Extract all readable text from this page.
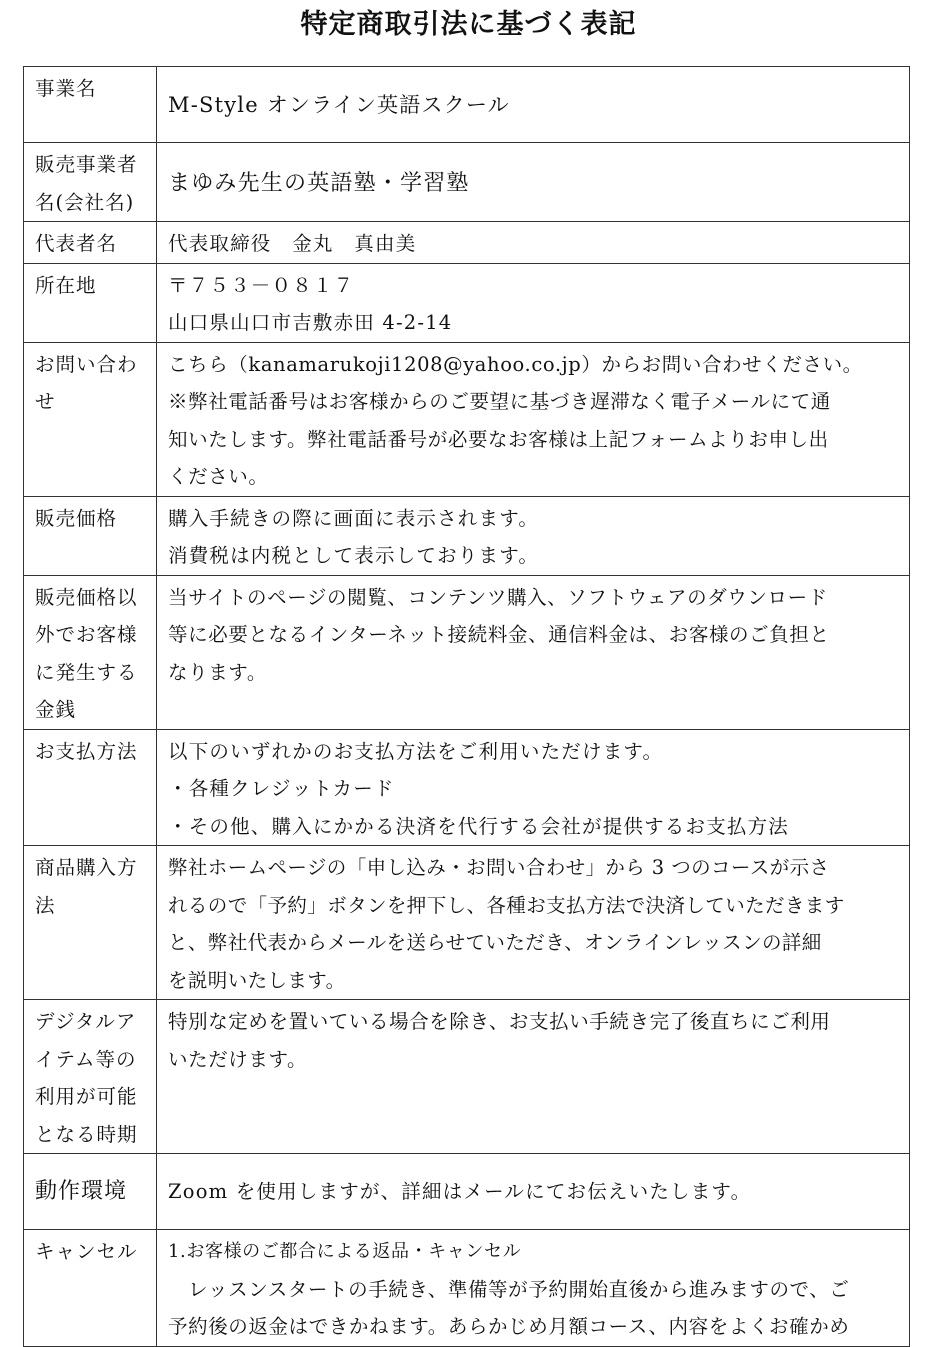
特定商取引法に基づく表記
事業名	M-Style オンライン英語スクール

販売事業者
名(会社名)	まゆみ先生の英語塾・学習塾

代表者名	代表取締役　金丸　真由美

所在地	〒７５３－０８１７
山口県山口市吉敷赤田 4-2-14

お問い合わ
せ	こちら（kanamarukoji1208@yahoo.co.jp）からお問い合わせください。
※弊社電話番号はお客様からのご要望に基づき遅滞なく電子メールにて通
知いたします。弊社電話番号が必要なお客様は上記フォームよりお申し出
ください。

販売価格	購入手続きの際に画面に表示されます。
消費税は内税として表示しております。

販売価格以
外でお客様
に発生する
金銭	当サイトのページの閲覧、コンテンツ購入、ソフトウェアのダウンロード
等に必要となるインターネット接続料金、通信料金は、お客様のご負担と
なります。

お支払方法	以下のいずれかのお支払方法をご利用いただけます。
・各種クレジットカード
・その他、購入にかかる決済を代行する会社が提供するお支払方法

商品購入方
法	弊社ホームページの「申し込み・お問い合わせ」から 3 つのコースが示さ
れるので「予約」ボタンを押下し、各種お支払方法で決済していただきます
と、弊社代表からメールを送らせていただき、オンラインレッスンの詳細
を説明いたします。

デジタルア
イテム等の
利用が可能
となる時期	特別な定めを置いている場合を除き、お支払い手続き完了後直ちにご利用
いただけます。

動作環境	Zoom を使用しますが、詳細はメールにてお伝えいたします。

キャンセル	1.お客様のご都合による返品・キャンセル
　レッスンスタートの手続き、準備等が予約開始直後から進みますので、ご
予約後の返金はできかねます。あらかじめ月額コース、内容をよくお確かめ
